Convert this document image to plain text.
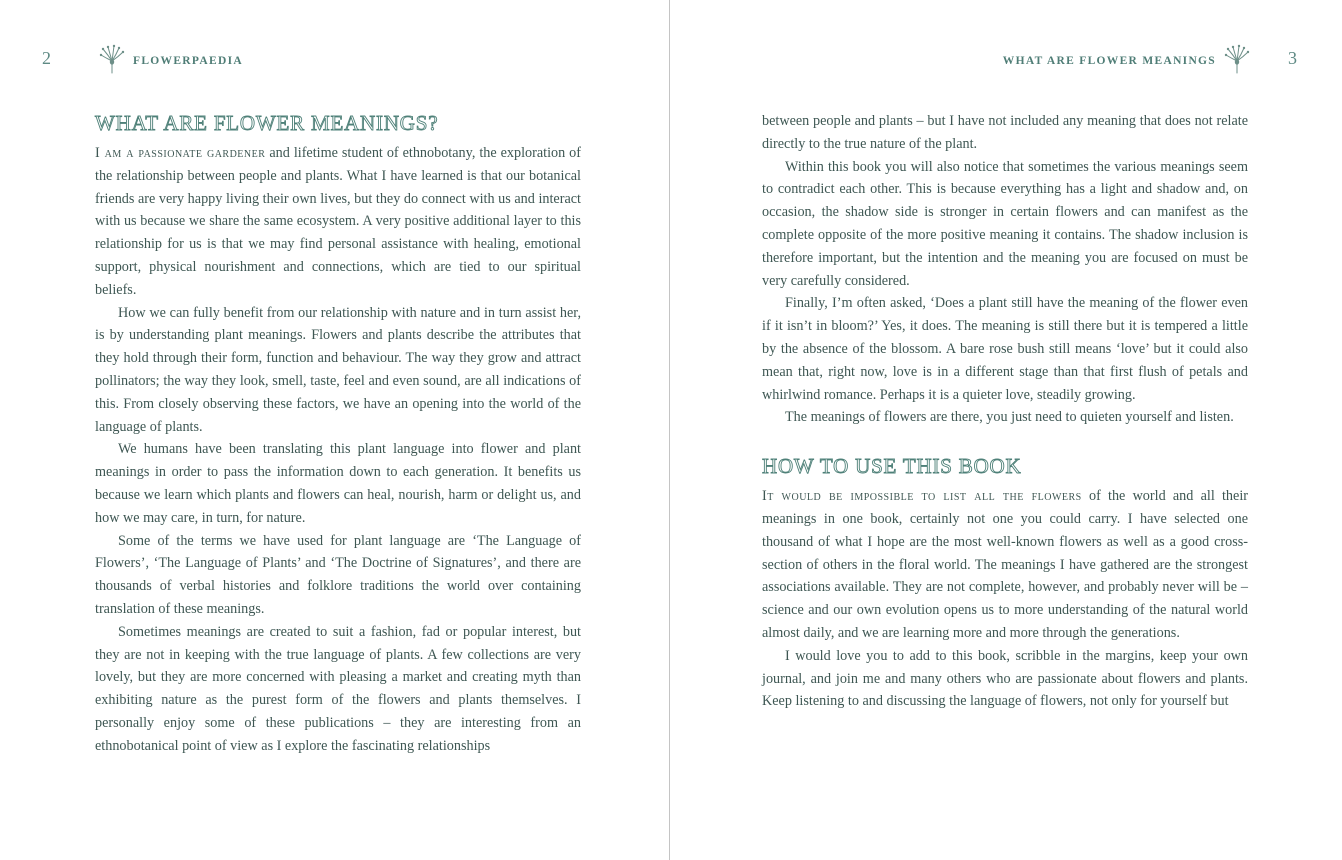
2	FLOWERPAEDIA
WHAT ARE FLOWER MEANINGS?

I am a passionate gardener and lifetime student of ethnobotany, the exploration of the relationship between people and plants. What I have learned is that our botanical friends are very happy living their own lives, but they do connect with us and interact with us because we share the same ecosystem. A very positive additional layer to this relationship for us is that we may find personal assistance with healing, emotional support, physical nourishment and connections, which are tied to our spiritual beliefs.

How we can fully benefit from our relationship with nature and in turn assist her, is by understanding plant meanings. Flowers and plants describe the attributes that they hold through their form, function and behaviour. The way they grow and attract pollinators; the way they look, smell, taste, feel and even sound, are all indications of this. From closely observing these factors, we have an opening into the world of the language of plants.

We humans have been translating this plant language into flower and plant meanings in order to pass the information down to each generation. It benefits us because we learn which plants and flowers can heal, nourish, harm or delight us, and how we may care, in turn, for nature.

Some of the terms we have used for plant language are ‘The Language of Flowers’, ‘The Language of Plants’ and ‘The Doctrine of Signatures’, and there are thousands of verbal histories and folklore traditions the world over containing translation of these meanings.

Sometimes meanings are created to suit a fashion, fad or popular interest, but they are not in keeping with the true language of plants. A few collections are very lovely, but they are more concerned with pleasing a market and creating myth than exhibiting nature as the purest form of the flowers and plants themselves. I personally enjoy some of these publications – they are interesting from an ethnobotanical point of view as I explore the fascinating relationships

WHAT ARE FLOWER MEANINGS	3

between people and plants – but I have not included any meaning that does not relate directly to the true nature of the plant.

Within this book you will also notice that sometimes the various meanings seem to contradict each other. This is because everything has a light and shadow and, on occasion, the shadow side is stronger in certain flowers and can manifest as the complete opposite of the more positive meaning it contains. The shadow inclusion is therefore important, but the intention and the meaning you are focused on must be very carefully considered.

Finally, I’m often asked, ‘Does a plant still have the meaning of the flower even if it isn’t in bloom?’ Yes, it does. The meaning is still there but it is tempered a little by the absence of the blossom. A bare rose bush still means ‘love’ but it could also mean that, right now, love is in a different stage than that first flush of petals and whirlwind romance. Perhaps it is a quieter love, steadily growing.

The meanings of flowers are there, you just need to quieten yourself and listen.

HOW TO USE THIS BOOK

It would be impossible to list all the flowers of the world and all their meanings in one book, certainly not one you could carry. I have selected one thousand of what I hope are the most well-known flowers as well as a good cross-section of others in the floral world. The meanings I have gathered are the strongest associations available. They are not complete, however, and probably never will be – science and our own evolution opens us to more understanding of the natural world almost daily, and we are learning more and more through the generations.

I would love you to add to this book, scribble in the margins, keep your own journal, and join me and many others who are passionate about flowers and plants. Keep listening to and discussing the language of flowers, not only for yourself but
